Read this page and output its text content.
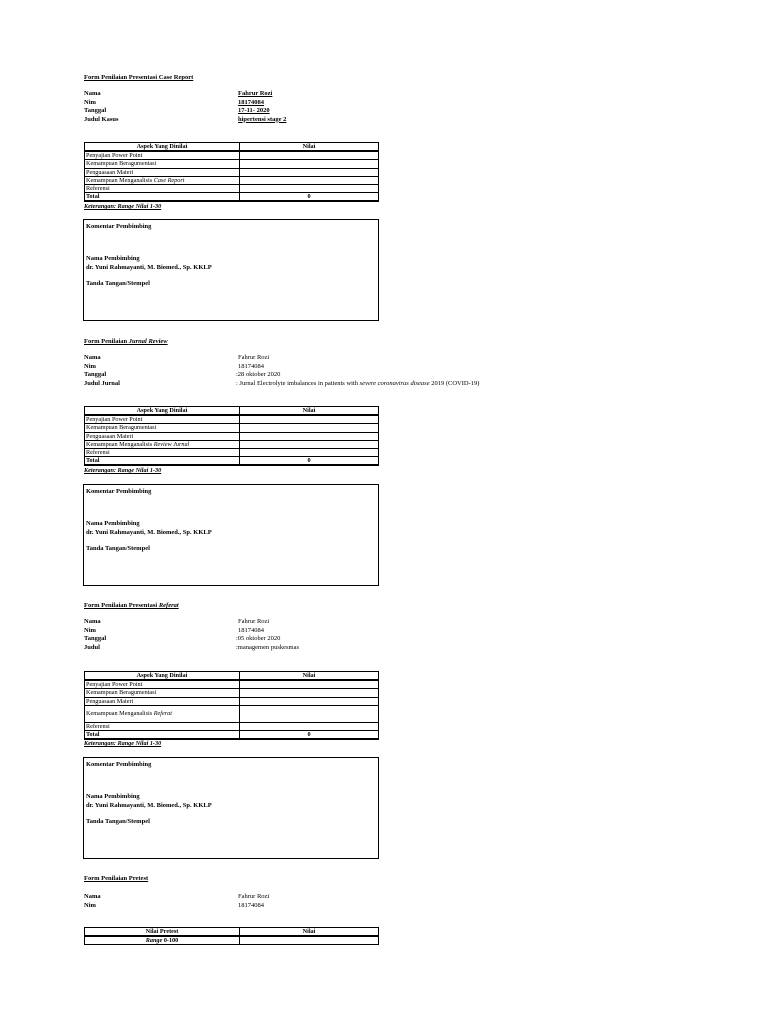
Form Penilaian Presentasi Case Report
Nama	Fahrur Rozi
Nim	18174084
Tanggal	17-11- 2020
Judul Kasus	hipertensi stage 2
Aspek Yang Dinilai	Nilai
Penyajian Power Point	
Kemampuan Beragumentasi	
Penguasaan Materi	
Kemampuan Menganalisis Case Report	
Referensi	
Total	0
Keterangan: Range Nilai 1-30
Komentar Pembimbing
Nama Pembimbing
dr. Yuni Rahmayanti, M. Biomed., Sp. KKLP
Tanda Tangan/Stempel
Form Penilaian Jurnal Review
Nama	Fahrur Rozi
Nim	18174084
Tanggal	:28 oktober 2020
Judul Jurnal	: Jurnal Electrolyte imbalances in patients with severe coronavirus disease 2019 (COVID-19)
Aspek Yang Dinilai	Nilai
Penyajian Power Point	
Kemampuan Beragumentasi	
Penguasaan Materi	
Kemampuan Menganalisis Review Jurnal	
Referensi	
Total	0
Keterangan: Range Nilai 1-30
Komentar Pembimbing
Nama Pembimbing
dr. Yuni Rahmayanti, M. Biomed., Sp. KKLP
Tanda Tangan/Stempel
Form Penilaian Presentasi Referat
Nama	Fahrur Rozi
Nim	18174084
Tanggal	:05 oktober 2020
Judul	:managemen puskesmas
Aspek Yang Dinilai	Nilai
Penyajian Power Point	
Kemampuan Beragumentasi	
Penguasaan Materi	
Kemampuan Menganalisis Referat	
Referensi	
Total	0
Keterangan: Range Nilai 1-30
Komentar Pembimbing
Nama Pembimbing
dr. Yuni Rahmayanti, M. Biomed., Sp. KKLP
Tanda Tangan/Stempel
Form Penilaian Pretest
Nama	Fahrur Rozi
Nim	18174084
Nilai Pretest	Nilai
Range 0-100	
